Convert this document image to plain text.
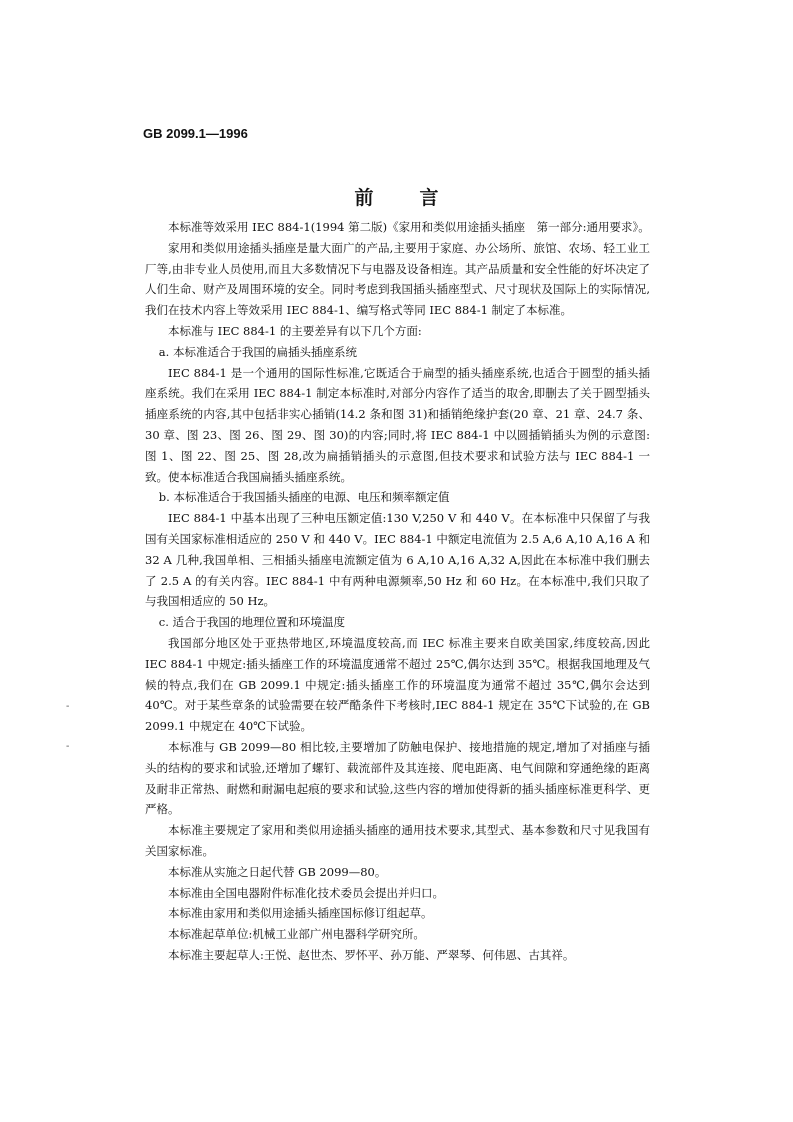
GB 2099.1—1996
前言

本标准等效采用 IEC 884-1(1994 第二版)《家用和类似用途插头插座　第一部分:通用要求》。

家用和类似用途插头插座是量大面广的产品,主要用于家庭、办公场所、旅馆、农场、轻工业工厂等,由非专业人员使用,而且大多数情况下与电器及设备相连。其产品质量和安全性能的好坏决定了人们生命、财产及周围环境的安全。同时考虑到我国插头插座型式、尺寸现状及国际上的实际情况,我们在技术内容上等效采用 IEC 884-1、编写格式等同 IEC 884-1 制定了本标准。

本标准与 IEC 884-1 的主要差异有以下几个方面:

a. 本标准适合于我国的扁插头插座系统

IEC 884-1 是一个通用的国际性标准,它既适合于扁型的插头插座系统,也适合于圆型的插头插座系统。我们在采用 IEC 884-1 制定本标准时,对部分内容作了适当的取舍,即删去了关于圆型插头插座系统的内容,其中包括非实心插销(14.2 条和图 31)和插销绝缘护套(20 章、21 章、24.7 条、30 章、图 23、图 26、图 29、图 30)的内容;同时,将 IEC 884-1 中以圆插销插头为例的示意图:图 1、图 22、图 25、图 28,改为扁插销插头的示意图,但技术要求和试验方法与 IEC 884-1 一致。使本标准适合我国扁插头插座系统。

b. 本标准适合于我国插头插座的电源、电压和频率额定值

IEC 884-1 中基本出现了三种电压额定值:130 V,250 V 和 440 V。在本标准中只保留了与我国有关国家标准相适应的 250 V 和 440 V。IEC 884-1 中额定电流值为 2.5 A,6 A,10 A,16 A 和 32 A 几种,我国单相、三相插头插座电流额定值为 6 A,10 A,16 A,32 A,因此在本标准中我们删去了 2.5 A 的有关内容。IEC 884-1 中有两种电源频率,50 Hz 和 60 Hz。在本标准中,我们只取了与我国相适应的 50 Hz。

c. 适合于我国的地理位置和环境温度

我国部分地区处于亚热带地区,环境温度较高,而 IEC 标准主要来自欧美国家,纬度较高,因此 IEC 884-1 中规定:插头插座工作的环境温度通常不超过 25℃,偶尔达到 35℃。根据我国地理及气候的特点,我们在 GB 2099.1 中规定:插头插座工作的环境温度为通常不超过 35℃,偶尔会达到 40℃。对于某些章条的试验需要在较严酷条件下考核时,IEC 884-1 规定在 35℃下试验的,在 GB 2099.1 中规定在 40℃下试验。

本标准与 GB 2099—80 相比较,主要增加了防触电保护、接地措施的规定,增加了对插座与插头的结构的要求和试验,还增加了螺钉、载流部件及其连接、爬电距离、电气间隙和穿通绝缘的距离及耐非正常热、耐燃和耐漏电起痕的要求和试验,这些内容的增加使得新的插头插座标准更科学、更严格。

本标准主要规定了家用和类似用途插头插座的通用技术要求,其型式、基本参数和尺寸见我国有关国家标准。

本标准从实施之日起代替 GB 2099—80。

本标准由全国电器附件标准化技术委员会提出并归口。

本标准由家用和类似用途插头插座国标修订组起草。

本标准起草单位:机械工业部广州电器科学研究所。

本标准主要起草人:王悦、赵世杰、罗怀平、孙万能、严翠琴、何伟恩、古其祥。

-
-
